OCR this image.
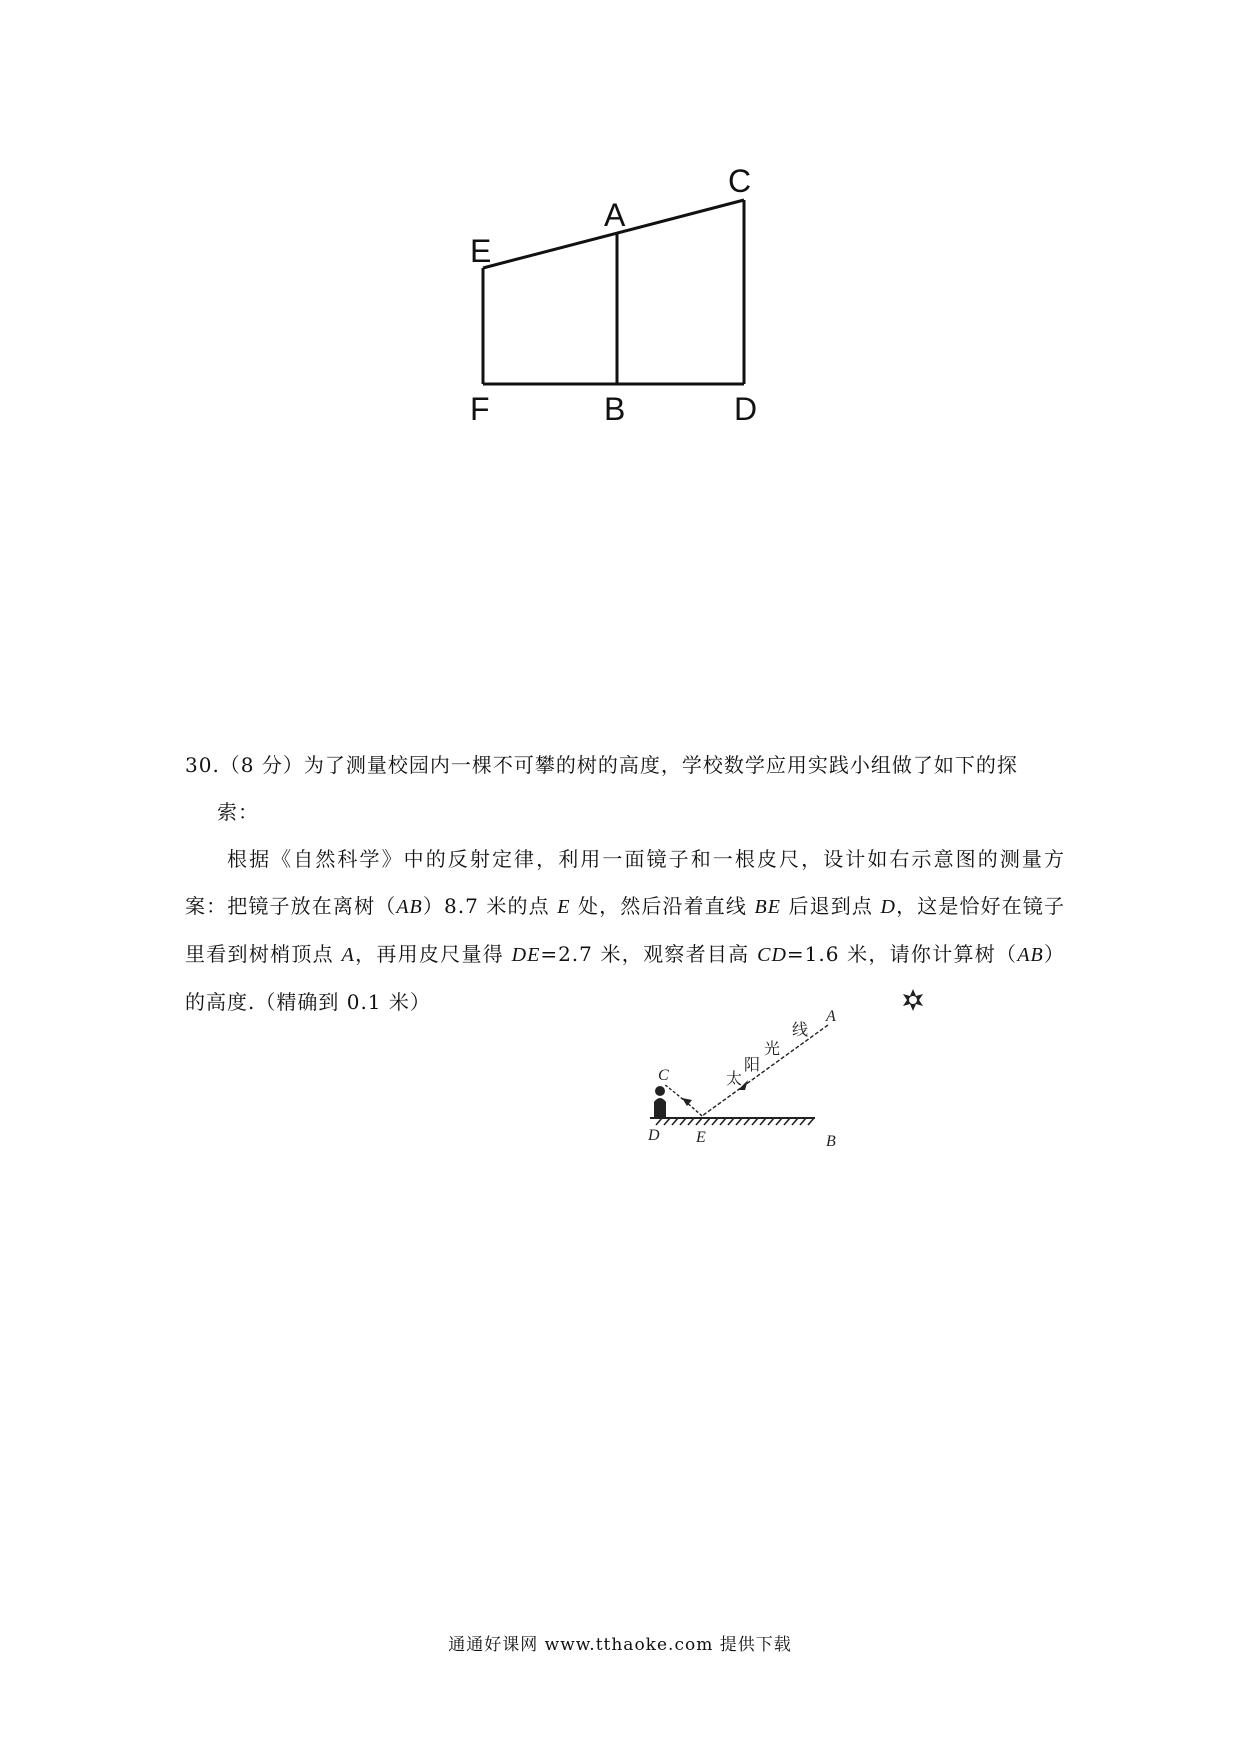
E
A
C
F	B	D

30.（8 分）为了测量校园内一棵不可攀的树的高度，学校数学应用实践小组做了如下的探

索：

根据《自然科学》中的反射定律，利用一面镜子和一根皮尺，设计如右示意图的测量方案：把镜子放在离树（AB）8.7 米的点 E 处，然后沿着直线 BE 后退到点 D，这是恰好在镜子里看到树梢顶点 A，再用皮尺量得 DE=2.7 米，观察者目高 CD=1.6 米，请你计算树（AB）的高度.（精确到 0.1 米）

A
C
D E	B
太
阳
光
线
通通好课网 www.tthaoke.com 提供下载
